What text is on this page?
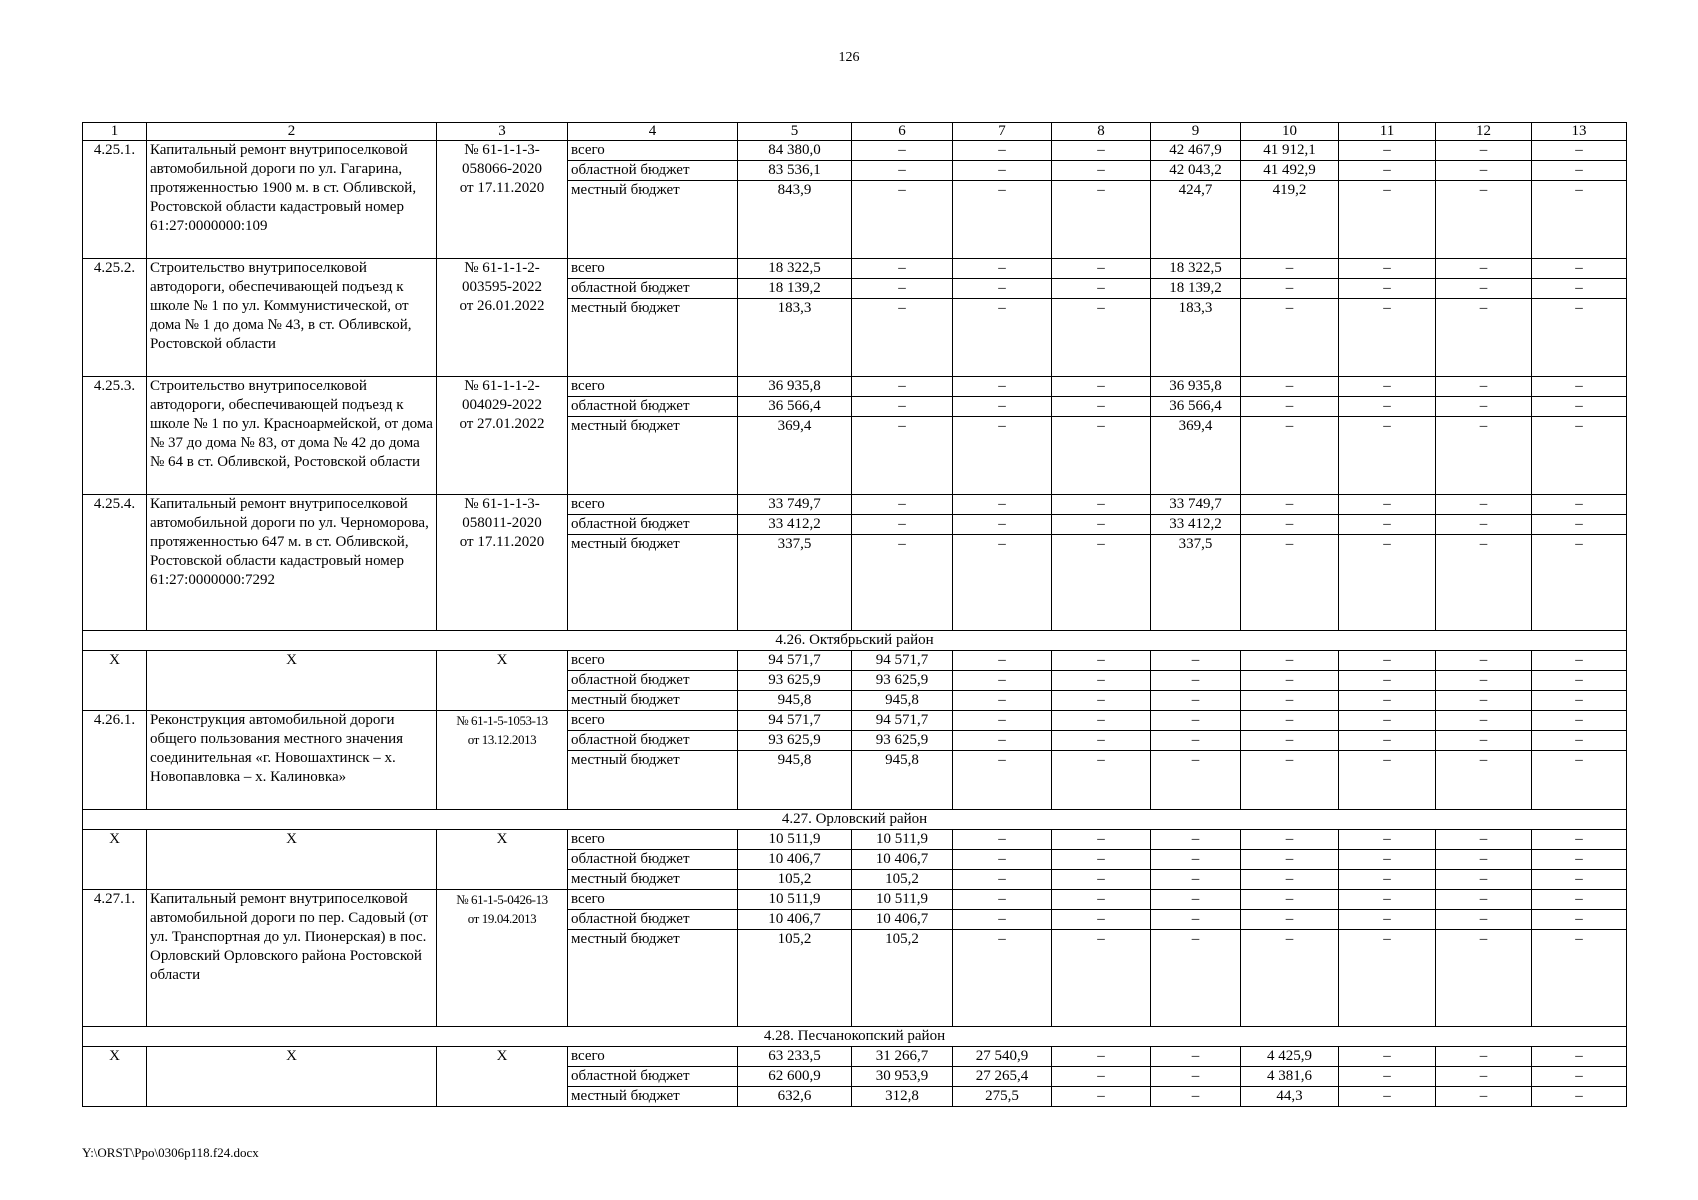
126
1	2	3	4	5	6	7	8	9	10	11	12	13
4.25.1.	Капитальный ремонт внутрипоселковой автомобильной дороги по ул. Гагарина, протяженностью 1900 м. в ст. Обливской, Ростовской области кадастровый номер 61:27:0000000:109	№ 61-1-1-3-
058066-2020
от 17.11.2020	всего	84 380,0	–	–	–	42 467,9	41 912,1	–	–	–
			областной бюджет	83 536,1	–	–	–	42 043,2	41 492,9	–	–	–
			местный бюджет	843,9	–	–	–	424,7	419,2	–	–	–
4.25.2.	Строительство внутрипоселковой автодороги, обеспечивающей подъезд к школе № 1 по ул. Коммунистической, от дома № 1 до дома № 43, в ст. Обливской, Ростовской области	№ 61-1-1-2-
003595-2022
от 26.01.2022	всего	18 322,5	–	–	–	18 322,5	–	–	–	–
			областной бюджет	18 139,2	–	–	–	18 139,2	–	–	–	–
			местный бюджет	183,3	–	–	–	183,3	–	–	–	–
4.25.3.	Строительство внутрипоселковой автодороги, обеспечивающей подъезд к школе № 1 по ул. Красноармейской, от дома № 37 до дома № 83, от дома № 42 до дома № 64 в ст. Обливской, Ростовской области	№ 61-1-1-2-
004029-2022
от 27.01.2022	всего	36 935,8	–	–	–	36 935,8	–	–	–	–
			областной бюджет	36 566,4	–	–	–	36 566,4	–	–	–	–
			местный бюджет	369,4	–	–	–	369,4	–	–	–	–
4.25.4.	Капитальный ремонт внутрипоселковой автомобильной дороги по ул. Черноморова, протяженностью 647 м. в ст. Обливской, Ростовской области кадастровый номер 61:27:0000000:7292	№ 61-1-1-3-
058011-2020
от 17.11.2020	всего	33 749,7	–	–	–	33 749,7	–	–	–	–
			областной бюджет	33 412,2	–	–	–	33 412,2	–	–	–	–
			местный бюджет	337,5	–	–	–	337,5	–	–	–	–
4.26. Октябрьский район												
Х	Х	Х	всего	94 571,7	94 571,7	–	–	–	–	–	–	–
			областной бюджет	93 625,9	93 625,9	–	–	–	–	–	–	–
			местный бюджет	945,8	945,8	–	–	–	–	–	–	–
4.26.1.	Реконструкция автомобильной дороги общего пользования местного значения соединительная «г. Новошахтинск – х. Новопавловка – х. Калиновка»	№ 61-1-5-1053-13
от 13.12.2013	всего	94 571,7	94 571,7	–	–	–	–	–	–	–
			областной бюджет	93 625,9	93 625,9	–	–	–	–	–	–	–
			местный бюджет	945,8	945,8	–	–	–	–	–	–	–
4.27. Орловский район												
Х	Х	Х	всего	10 511,9	10 511,9	–	–	–	–	–	–	–
			областной бюджет	10 406,7	10 406,7	–	–	–	–	–	–	–
			местный бюджет	105,2	105,2	–	–	–	–	–	–	–
4.27.1.	Капитальный ремонт внутрипоселковой автомобильной дороги по пер. Садовый (от ул. Транспортная до ул. Пионерская) в пос. Орловский Орловского района Ростовской области	№ 61-1-5-0426-13
от 19.04.2013	всего	10 511,9	10 511,9	–	–	–	–	–	–	–
			областной бюджет	10 406,7	10 406,7	–	–	–	–	–	–	–
			местный бюджет	105,2	105,2	–	–	–	–	–	–	–
4.28. Песчанокопский район												
Х	Х	Х	всего	63 233,5	31 266,7	27 540,9	–	–	4 425,9	–	–	–
			областной бюджет	62 600,9	30 953,9	27 265,4	–	–	4 381,6	–	–	–
			местный бюджет	632,6	312,8	275,5	–	–	44,3	–	–	–
Y:\ORST\Ppo\0306p118.f24.docx
